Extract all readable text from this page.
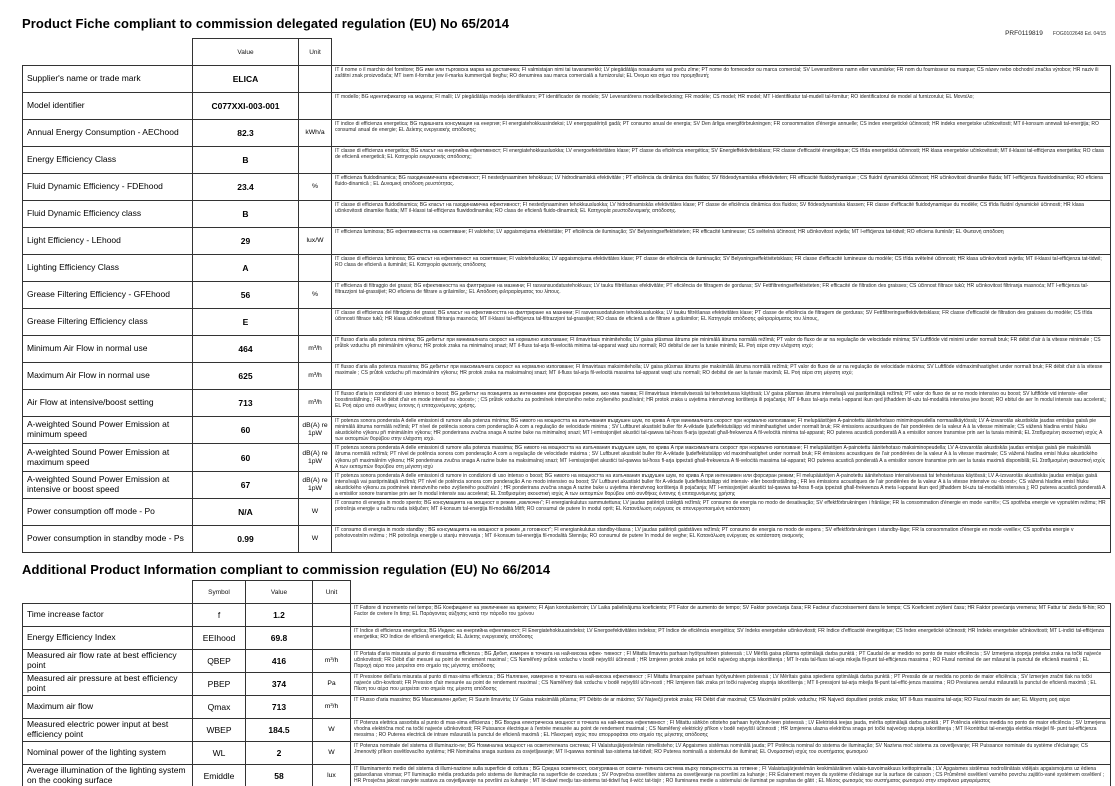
Product Fiche compliant to commission delegated regulation (EU) No 65/2014
PRF0119819 FOG0102648 Ed. 04/15
	Value	Unit	
Supplier's name or trade mark	ELICA		IT il nome o il marchio del fornitore; BG име или търговска марка на доставчика; FI valmistajan nimi tai tavaramerkki; LV piegādātāja nosaukums vai preču zīme; PT nome do fornecedor ou marca comercial; SV Leverantörens namn eller varumärke; FR nom du fournisseur ou marque; CS název nebo obchodní značka výrobce; HR naziv ili zaštitni znak proizvođača; MT isem il-fornitur jew il-marka kummerċjali tiegħu; RO denumirea sau marca comercială a furnizorului; EL Όνομα και σήμα του προμηθευτή;

Model identifier	C077XXI-003-001		IT modello; BG идентификатор на модела; FI malli; LV piegādātāja modeļa identifikators; PT identificador de modelo; SV Leverantörens modellbeteckning; FR modèle; CS model; HR model; MT l-identifikatur tal-mudell tal-fornitur; RO identificatorul de model al furnizorului; EL Μοντέλο;

Annual Energy Consumption - AEChood	82.3	kWh/a	IT indice di efficienza energetica; BG годишната консумация на енергия; FI energiatehokkuusindeksi; LV energopatēriņš gadā; PT consumo anual de energia; SV Den årliga energiförbrukningen; FR consommation d'énergie annuelle; CS index energetické účinnosti; HR indeks energetske učinkovitosti; MT il-konsum annwali tal-enerġija; RO consumul anual de energie; EL Δείκτης ενεργειακής απόδοσης;

Energy Efficiency Class	B		IT classe di efficienza energetica; BG класът на енергийна ефективност; FI energiatehokkuusluokka; LV energoefektivitātes klase; PT classe da eficiência energética; SV Energieffektivitetsklass; FR classe d'efficacité énergétique; CS třída energetická účinnosti; HR klasa energetske učinkovitosti; MT il-klassi tal-effiċjenza enerġetika; RO clasa de eficienă energetică; EL Κατηγορία ενεργειακής απόδοσης;

Fluid Dynamic Efficiency - FDEhood	23.4	%	IT efficienza fluidodinamica; BG газодинамичната ефективност; FI nestedynaaminen tehokkuus; LV hidrodinamiskā efektivitāte ; PT eficiência da dinâmica dos fluidos; SV flödesdynamiska effektiviteten; FR efficacité fluidodymanique ; CS fluidní dynamická účinnost; HR učinkovitost dinamike fluida; MT l-effiċjenza fluwidodinamika; RO eficiena fluido-dinamică ; EL Δυναμική απόδοση ρευστότητας.

Fluid Dynamic Efficiency class	B		IT classe di efficienza fluidodinamica; BG класът на газодинамична ефективност; FI nestedynaaminen tehokkuusluokka; LV hidrodinamiskās efektivitātes klase; PT classe de eficiência dinâmica dos fluidos; SV flödesdynamiska klassen; FR classe d'efficacité fluidodynamique du modèle; CS třída fluidní dynamické účinnosti; HR klasa učinkovitosti dinamike fluida; MT il-klassi tal-effiċjenza fluwidodinamika; RO clasa de eficienă fluido-dinamică; EL Κατηγορία ρευστοδυναμικής απόδοσης.

Light Efficiency - LEhood	29	lux/W	IT efficienza luminosa; BG ефективността на осветяване; FI valoteho; LV apgaismojuma efektivitāte; PT eficiência de iluminação; SV Belysningseffektiviteten; FR efficacité lumineuse; CS světelná účinnost; HR učinkovitost svjetla; MT l-effiċjenza tat-tidwil; RO eficiena iluminăr; EL Φωτεινή απόδοση

Lighting Efficiency Class	A		IT classe di efficienza luminosa; BG класът на ефективност на осветяване; FI valoteholuokka; LV apgaismojuma efektivitātes klase; PT classe de eficiência de iluminação; SV Belysningseffektivitetsklass; FR classe d'efficacité lumineuse du modèle; CS třída světelné účinnosti; HR klasa učinkovitosti svjetla; MT il-klassi tal-effiċjenza tat-tidwil; RO clasa de eficienă a iluminări; EL Κατηγορία φωτεινής απόδοσης

Grease Filtering Efficiency - GFEhood	56	%	IT efficienza di filtraggio dei grassi; BG ефективността на филтриране на мазнини; FI rasvansuodatustehokkuus; LV tauku filtrēšanas efektivitāte; PT eficiência de filtragem de gorduras; SV Fettfiltreringseffektiviteten; FR efficacité de filtration des graisses; CS účinnost filtrace tuků; HR učinkovitost filtriranja masnoća; MT l-effiċjenza tal-filtrazzjoni tal-grassijiet; RO eficiena de filtrare a grăsimilor,; EL Απόδοση φιλτραρίσματος του λίπους.

Grease Filtering Efficiency class	E		IT classe di efficienza del filtraggio dei grassi; BG класът на ефективността на филтриране на мазнини; FI rasvansuodatuksen tehokkuusluokka; LV tauku filtrēšanas efektivitātes klase; PT classe de eficiência de filtragem de gorduras; SV Fettfiltreringseffektivitetsklass; FR classe d'efficacité de filtration des graisses du modèle; CS třída účinnosti filtrace tuků; HR klasa učinkovitosti filtriranja masnoća; MT il-klassi tal-effiċjenza tal-filtrazzjoni tal-grassijiet; RO clasa de eficienă a de filtrare a grăsimilor; EL Κατηγορία απόδοσης φιλτραρίσματος του λίπους,

Minimum Air Flow in normal use	464	m³/h	IT flusso d'aria alla potenza minima; BG дебитът при минималната скорост на нормално използване; FI ilmavirtaus minimiteholla; LV gaisa plūsmas ātrums pie minimālā ātruma normālā režīmā; PT valor do fluxo de ar na regulação de velocidade mínima; SV Luftflöde vid minimi under normalt bruk; FR débit d'air à la vitesse minimale ; CS průtok vzduchu při minimálním výkonu; HR protok zraka na minimalnoj snazi; MT il-fluss tal-arja fil-velocità minima tal-apparat waqt użu normali; RO debitul de aer la turaie minimă; EL Ροή αέρα στην ελάχιστη ισχύ;

Maximum Air Flow in normal use	625	m³/h	IT flusso d'aria alla potenza massima; BG дебитът при максималната скорост на нормално използване; FI ilmavirtaus maksimiteholla; LV gaisa plūsmas ātrums pie maksimālā ātruma normālā režīmā; PT valor do fluxo de ar na regulação de velocidade máxima; SV Luftflöde vidmaximihastighet under normalt bruk; FR débit d'air à la vitesse maximale ; CS průtok vzduchu při maximálním výkonu; HR protok zraka na maksimalnoj snazi; MT il-fluss tal-arja fil-velocità massima tal-apparat waqt użu normali; RO debitul de aer la turaie maximă; EL Ροή αέρα στη μέγιστη ισχύ;

Air Flow at intensive/boost setting	713	m³/h	IT flusso d'aria in condizioni di uso intenso o boost; BG дебитът на позицията за интензивен или форсиран режим, ако има такива; FI ilmavirtaus intensiivisessä tai tehostetussa käytössä; LV gaisa plūsmas ātrums intensīvajā vai pastiprinātajā režīmā; PT valor do fluxo de ar no modo intensivo ou boost; SV luftflöde vid intensiv- eller boostinställning.; FR le débit d'air en mode intensif ou «boost»; ; CS průtok vzduchu za podmínek intenzivního nebo zvýšeného používání; HR protok zraka u uvjetima intenzivnog korištenja ili pojačanja; MT il-fluss tal-arja meta l-apparat ikun qed jitħaddem bl-użu tal-modalità intensiva jew boost; RO ebitul de aer în modul intensiv sau accelerat,; EL Ροή αέρα υπό συνθήκες έντονης ή επιταχυνόμενης χρήσης.

A-weighted Sound Power Emission at minimum speed	60	dB(A) re 1pW	IT potenza sonora ponderata A delle emissioni di rumore alla potenza minima; BG нивото на мощността на излъчвания въздушен шум, по крива A при минималната скорост при нормално използване; FI melupäästöjen A-painotettu äänitehotaso miniminopeudella normaalikäytössä; LV A-izsvarotās akustiskās jaudas emisijas gaisā pie minimālā ātruma normālā režīmā; PT nível de potência sonora com ponderação A com a regulação de velocidade minima ; SV Luftburet akustiskt buller för A-viktade ljudeffektutsläpp vid minimihastighet under normalt bruk; FR émissions acoustiques de l'air pondérées de la valeur A à la vitesse minimale; CS vážená hladina emisí hluku akustického výkonu při minimálním výkonu; HR ponderirana zvučna snaga A razine buke na minimalnoj snazi; MT l-emissjonijiet akustiċi tal-qawwa tal-ħoss fl-arja ippeżati għall-frekwenza A fil-veloċità minima tal-apparat; RO puterea acustică ponderată A a emisiilor sonore transmise prin aer la turaia minimă; EL Σταθμισμένη ακουστική ισχύς A των εκπομπών θορύβου στην ελάχιστη ισχύ.

A-weighted Sound Power Emission at maximum speed	60	dB(A) re 1pW	IT potenza sonora ponderata A delle emissioni di rumore alla potenza massima; BG нивото на мощността на излъчвания въздушен шум, по крива A при максималната скорост при нормално използване; FI melupäästöjen A-painotettu äänitehotaso maksiminopeudella; LV A-izsvarotās akustiskās jaudas emisijas gaisā pie maksimālā ātruma normālā režīmā; PT nível de potência sonora com ponderação A com a regulação de velocidade máxima ; SV Luftburet akustiskt buller för A-viktade ljudeffektutsläpp vid maximihastighet under normalt bruk; FR émissions acoustiques de l'air pondérées de la valeur A à la vitesse maximale; CS vážená hladina emisí hluku akustického výkonu při maximálním výkonu; HR ponderirana zvučna snaga A razine buke na maksimalnoj snazi; MT l-emissjonijiet akustiċi tal-qawwa tal-ħoss fl-arja ippeżati għall-frekwenza A fil-veloċità massima tal-apparat; RO puterea acustică ponderată A a emisiilor sonore transmise prin aer la turaia maximă disponibilă; EL Σταθμισμένη ακουστική ισχύς A των εκπομπών θορύβου στη μέγιστη ισχύ

A-weighted Sound Power Emission at intensive or boost speed	67	dB(A) re 1pW	IT potenza sonora ponderata A delle emissioni di rumore in condizioni di uso intenso o boost; BG нивото на мощността на излъчвания въздушен шум, по крива A при интензивен или форсиран режим; FI melupäästöjen A-painotettu äänitehotaso intensiivisessä tai tehostetussa käytössä; LV A-izsvarotās akustiskās jaudas emisijas gaisā intensīvajā vai pastiprinātajā režīmā; PT nível de potência sonora com ponderação A no modo intensivo ou boost; SV Luftburet akustiskt buller för A-viktade ljudeffektutsläpp vid intensiv- eller boostinställning.; FR les émissions acoustiques de l'air pondérées de la valeur A à la vitesse intensive ou «boost»; CS vážená hladina emisí hluku akustického výkonu za podmínek intenzivního nebo zvýšeného používání ; HR ponderirana zvučna snaga A razine buke u uvjetima intenzivnog korištenja ili pojačanja; MT l-emissjonijiet akustiċi tal-qawwa tal-ħoss fl-arja ippeżati għall-frekwenza A meta l-apparat ikun qed jitħaddem bl-użu tal-modalità intensiva j; RO puterea acustică ponderată A a emisiilor sonore transmise prin aer în modul intensiv sau accelerat; EL Σταθμισμένη ακουστική ισχύς A των εκπομπών θορύβου υπό συνθήκες έντονης ή επιταχυνόμενης χρήσης

Power consumption off mode - Po	N/A	W	IT consumo di energia in modo spento; BG консумацията на мощност в режим „изключен“; FI energiankulutus sammutettuna; LV jaudas patēriņš izslēgtā režīmā; PT consumo de energia no modo de desativação; SV effektförbrukningen i frånläge; FR la consommation d'énergie en mode «arrêt»; CS spotřeba energie ve vypnutém režimu; HR potrošnja energije u načinu rada isključen; MT il-konsum tal-enerġija fil-modalità Mitfi; RO consumul de putere în modul oprit; EL Κατανάλωση ενέργειας σε απενεργοποιημένη κατάσταση

Power consumption in standby mode - Ps	0.99	W	IT consumo di energia in modo standby ; BG консумацията на мощност в режим „в готовност“; FI energiankulutus standby-tilassa ; LV jaudas patēriņš gaidstāves režīmā; PT consumo de energia no modo de espera ; SV effektförbrukningen i standby-läge; FR la consommation d'énergie en mode «veille»; CS spotřeba energie v pohotovostním režimu ; HR potrošnja energije u stanju mirovanja ; MT il-konsum tal-enerġija fil-modalità Stennija; RO consumul de putere în modul de veghe; EL Κατανάλωση ενέργειας σε κατάσταση αναμονής
Additional Product Information compliant to commission regulation (EU) No 66/2014
	Symbol	Value	Unit	
Time increase factor	f	1.2		IT Fattore di incremento nel tempo; BG Коефициент на увеличение на времето; FI Ajan korotuskerroin; LV Laika palielinājuma koeficients; PT Fator de aumento de tempo; SV Faktor povećanja časa; FR Facteur d'accroissement dans le temps; CS Koeficient zvýšení času; HR Faktor povećanja vremena; MT Fattur ta' żieda fil-ħin; RO Factor de cretere în timp; EL Παράγοντας αύξησης κατά την πάροδο του χρόνου

Energy Efficiency Index	EEIhood	69.8		IT Indice di efficienza energetica; BG Индекс на енергийна ефективност; FI Energiatehokkuusindeksi; LV Energoefektivitātes indekss; PT Índice de eficiência energética; SV Indeks energetske učinkovitosti; FR Indice d'efficacité énergétique; CS Index energetické účinnosti; HR Indeks energetske učinkovitosti; MT L-indiċi tal-effiċjenza enerġetika; RO Indice de eficienă energetică; EL Δείκτης ενεργειακής απόδοσης

Measured air flow rate at best efficiency point	QBEP	416	m³/h	IT Portata d'aria misurata al punto di massima efficienza ; BG Дебит, измерен в точката на най-висока ефек- тивност ; FI Mitattu ilmavirta parhaan hyötysuhteen pisteessä ; LV Mērītā gaisa plūsma optimālajā darba punktā ; PT Caudal de ar medido no ponto de maior eficiência ; SV Izmerjena stopnja pretoka zraka na točki najveće učinkovitosti; FR Débit d'air mesuré au point de rendement maximal ; CS Naměřený průtok vzduchu v bodě nejvyšší účinnosti ; HR Izmjeren protok zraka pri točki najvećeg stupnja iskorištenja ; MT Ir-rata tal-fluss tal-arja mkejla fil-punt tal-effiċjenza massima ; RO Fluxul nominal de aer măsurat la punctul de eficienă maximă ; EL Παροχή αέρα που μετρείται στο σημείο της μέγιστης απόδοσης

Measured air pressure at best efficiency point	PBEP	374	Pa	IT Pressione dell'aria misurata al punto di mas-sima efficienza ; BG Налягане, измерено в точката на най-висока ефективност ; FI Mitattu ilmanpaine parhaan hyötysuhteen pisteessä ; LV Mērītais gaisa spiediens optimālajā darba punktā ; PT Pressão de ar medida no ponto de maior eficiência ; SV Izmerjen zračni tlak na točki najveće učin-kovitosti; FR Pression d'air mesurée au point de rendement maximal ; CS Naměřený tlak vzduchu v bodě nejvyšší účin-nosti ; HR Izmjeren tlak zraka pri točki najvećeg stupnja iskorištenja ; MT Il-pressjoni tal-arja mkejla fil-punt tal-effiċ-jenza massima ; RO Presiunea aerului măsurată la punctul de eficienă maximă ; EL Πίεση του αέρα που μετριέται στο σημείο της μέγιστη απόδοσης

Maximum air flow	Qmax	713	m³/h	IT Flusso d'aria massimo; BG Максимален дебит; FI Suurin ilmavirta; LV Gaisa maksimālā plūsma; PT Débito de ar máximo; SV Največji pretok zraka; FR Débit d'air maximal; CS Maximální průtok vzduchu; HR Najveći dopušteni protok zraka; MT Il-fluss massimu tal-arja; RO Fluxul maxim de aer; EL Μέγιστη ροή αέρα

Measured electric power input at best efficiency point	WBEP	184.5	W	IT Potenza elettrica assorbita al punto di mas-sima efficienza ; BG Входна електрическа мощност в точката на най-висока ефективност ; FI Mitattu sähkön ottoteho parhaan hyötysuh-teen pisteessä ; LV Elektriskā ieejas jauda, mērīta optimālajā darba punktā ; PT Potência elétrica medida no ponto de maior eficiência ; SV Izmerjena vhodna električna moč na točki najveće učinkovitosti; FR Puissance électrique à l'entrée mesurée au point de rendement maximal ; CS Naměřený elektrický příkon v bodě nejvyšší účinnosti ; HR Izmjerena ulazna električna snaga pri točki najvećeg stupnja iskorištenja ; MT Il-kontribut tal-enerġija eletrika mkejjel fil- punt tal-effiċjenza messima ; RO Puterea electrică de intrare măsurată la punctul de eficienă maximă ; EL Ηλεκτρική ισχύς που απορροφάται στο σημείο της μέγιστης απόδοσης

Nominal power of the lighting system	WL	2	W	IT Potenza nominale del sistema di illuminazio-ne; BG Номинална мощност на осветителната система; FI Valaistusjärjestelmän nimellisteho; LV Apgaismes sistēmas nominālā jauda; PT Potência nominal do sistema de iluminação; SV Nazivna moč sistema za osvetljevanje; FR Puissance nominale du système d'éclairage; CS Jmenovitý příkon osvětlovacího systému; HR Nominalna snaga sustava za osvjetljavanje; MT Il-qawwa nominali tas-sistema tat-tidwil; RO Puterea nominală a sistemului de iluminat; EL Ονομαστική ισχύς του συστήματος φωτισμού

Average illumination of the lighting system on the cooking surface	Emiddle	58	lux	IT Illuminamento medio del sistema di illumi-nazione sulla superficie di cottura ; BG Средна осветеност, осигурявана от освети- телната система върху повърхността за готвене ; FI Valaistusjärjestelmän keskimääräinen valais-tusvoimakkuus keittopinnalla ; LV Apgaismes sistēmas nodrošinātais vidējais apgaismojums uz ēdiena gatavošanas virsmas; PT Iluminação média produzida pelo sistema de iluminação na superfície de cozedura ; SV Povprečna osvetlitev sistema za osvetljevanje na površini za kuhanje ; FR Éclairement moyen du système d'éclairage sur la surface de cuisson ; CS Průměrné osvětlení varného povrchu zajišťo-vané systémem osvětlení ; HR Prosječna jakost rasvjete sustava za osvjetljavanje na površini za kuhanje ; MT Id-dawl medju tas-sistema tat-tidwil fuq il-wiċċ tat-tisjir ; RO Iluminarea medie a sistemului de iluminat pe suprafaa de gătit ; EL Μέσος φωτισμός του συστήματος φωτισμού στην επιφάνεια μαγειρέματος
